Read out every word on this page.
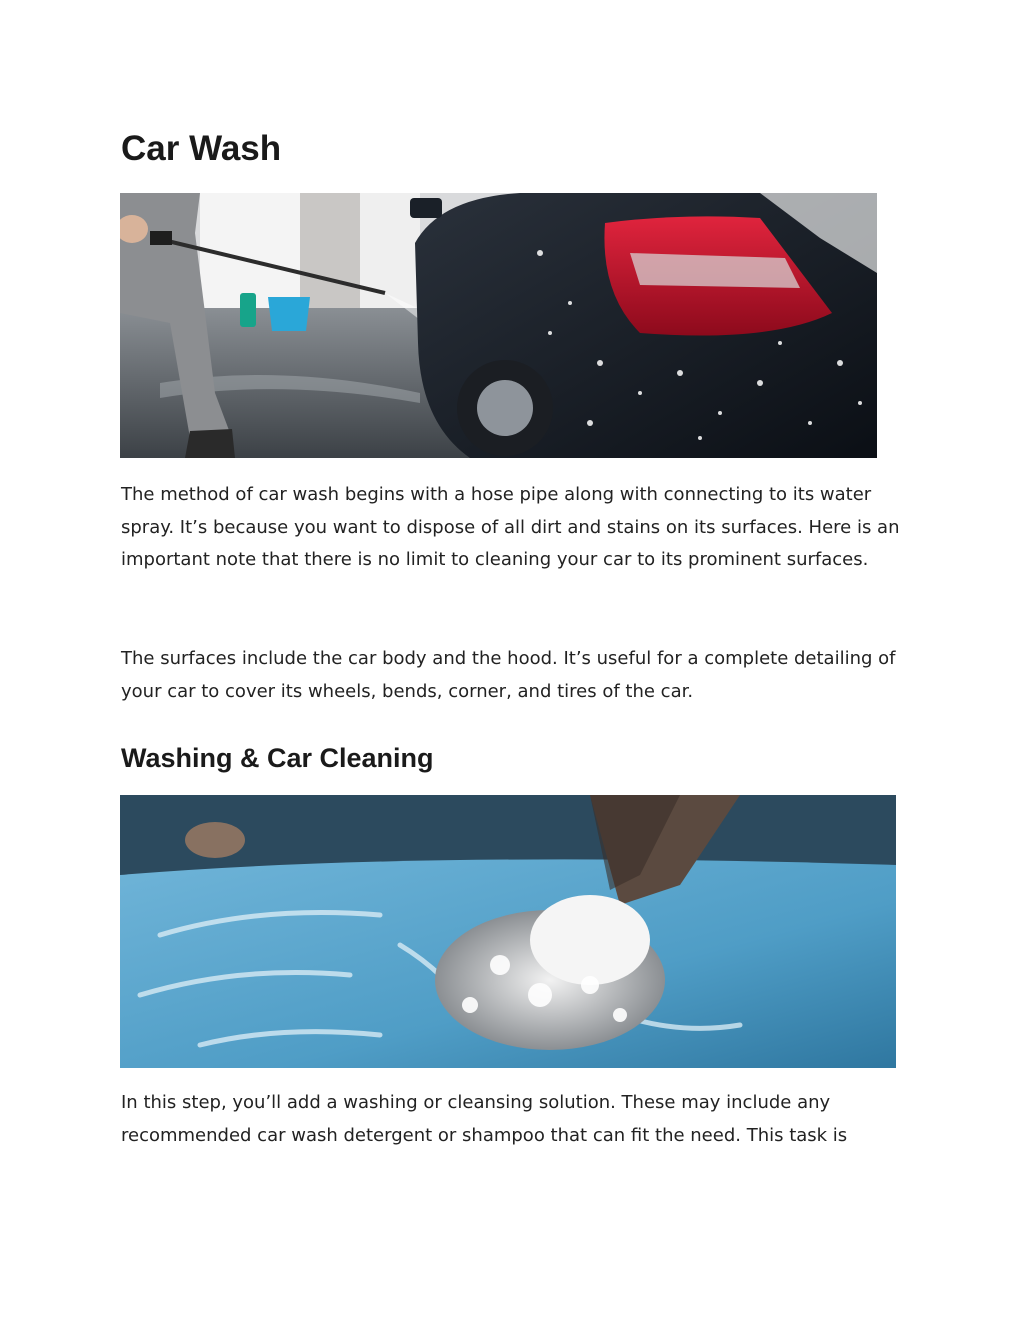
Car Wash

The method of car wash begins with a hose pipe along with connecting to its water spray. It’s because you want to dispose of all dirt and stains on its surfaces. Here is an important note that there is no limit to cleaning your car to its prominent surfaces.

The surfaces include the car body and the hood. It’s useful for a complete detailing of your car to cover its wheels, bends, corner, and tires of the car.

Washing & Car Cleaning

In this step, you’ll add a washing or cleansing solution. These may include any recommended car wash detergent or shampoo that can fit the need. This task is
